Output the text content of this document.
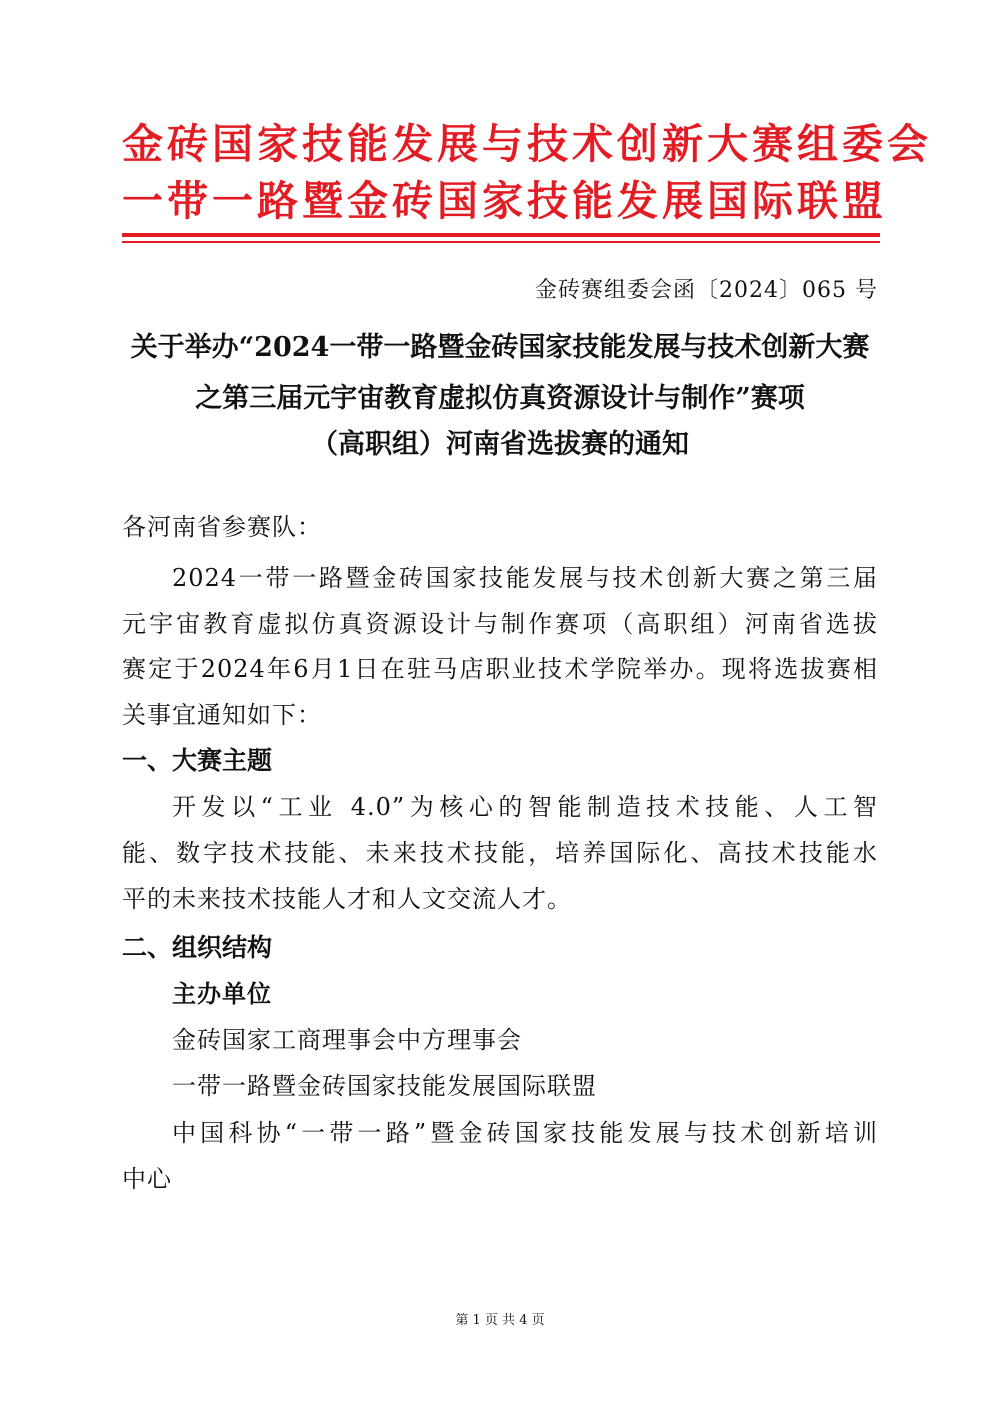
金砖国家技能发展与技术创新大赛组委会
一带一路暨金砖国家技能发展国际联盟
金砖赛组委会函〔2024〕065 号
关于举办“2024一带一路暨金砖国家技能发展与技术创新大赛
之第三届元宇宙教育虚拟仿真资源设计与制作”赛项
（高职组）河南省选拔赛的通知
各河南省参赛队：
2024一带一路暨金砖国家技能发展与技术创新大赛之第三届
元宇宙教育虚拟仿真资源设计与制作赛项（高职组）河南省选拔
赛定于2024年6月1日在驻马店职业技术学院举办。现将选拔赛相
关事宜通知如下：
一、大赛主题
开发以“工业 4.0”为核心的智能制造技术技能、人工智
能、数字技术技能、未来技术技能，培养国际化、高技术技能水
平的未来技术技能人才和人文交流人才。
二、组织结构
主办单位
金砖国家工商理事会中方理事会
一带一路暨金砖国家技能发展国际联盟
中国科协“一带一路”暨金砖国家技能发展与技术创新培训
中心
第 1 页 共 4 页
